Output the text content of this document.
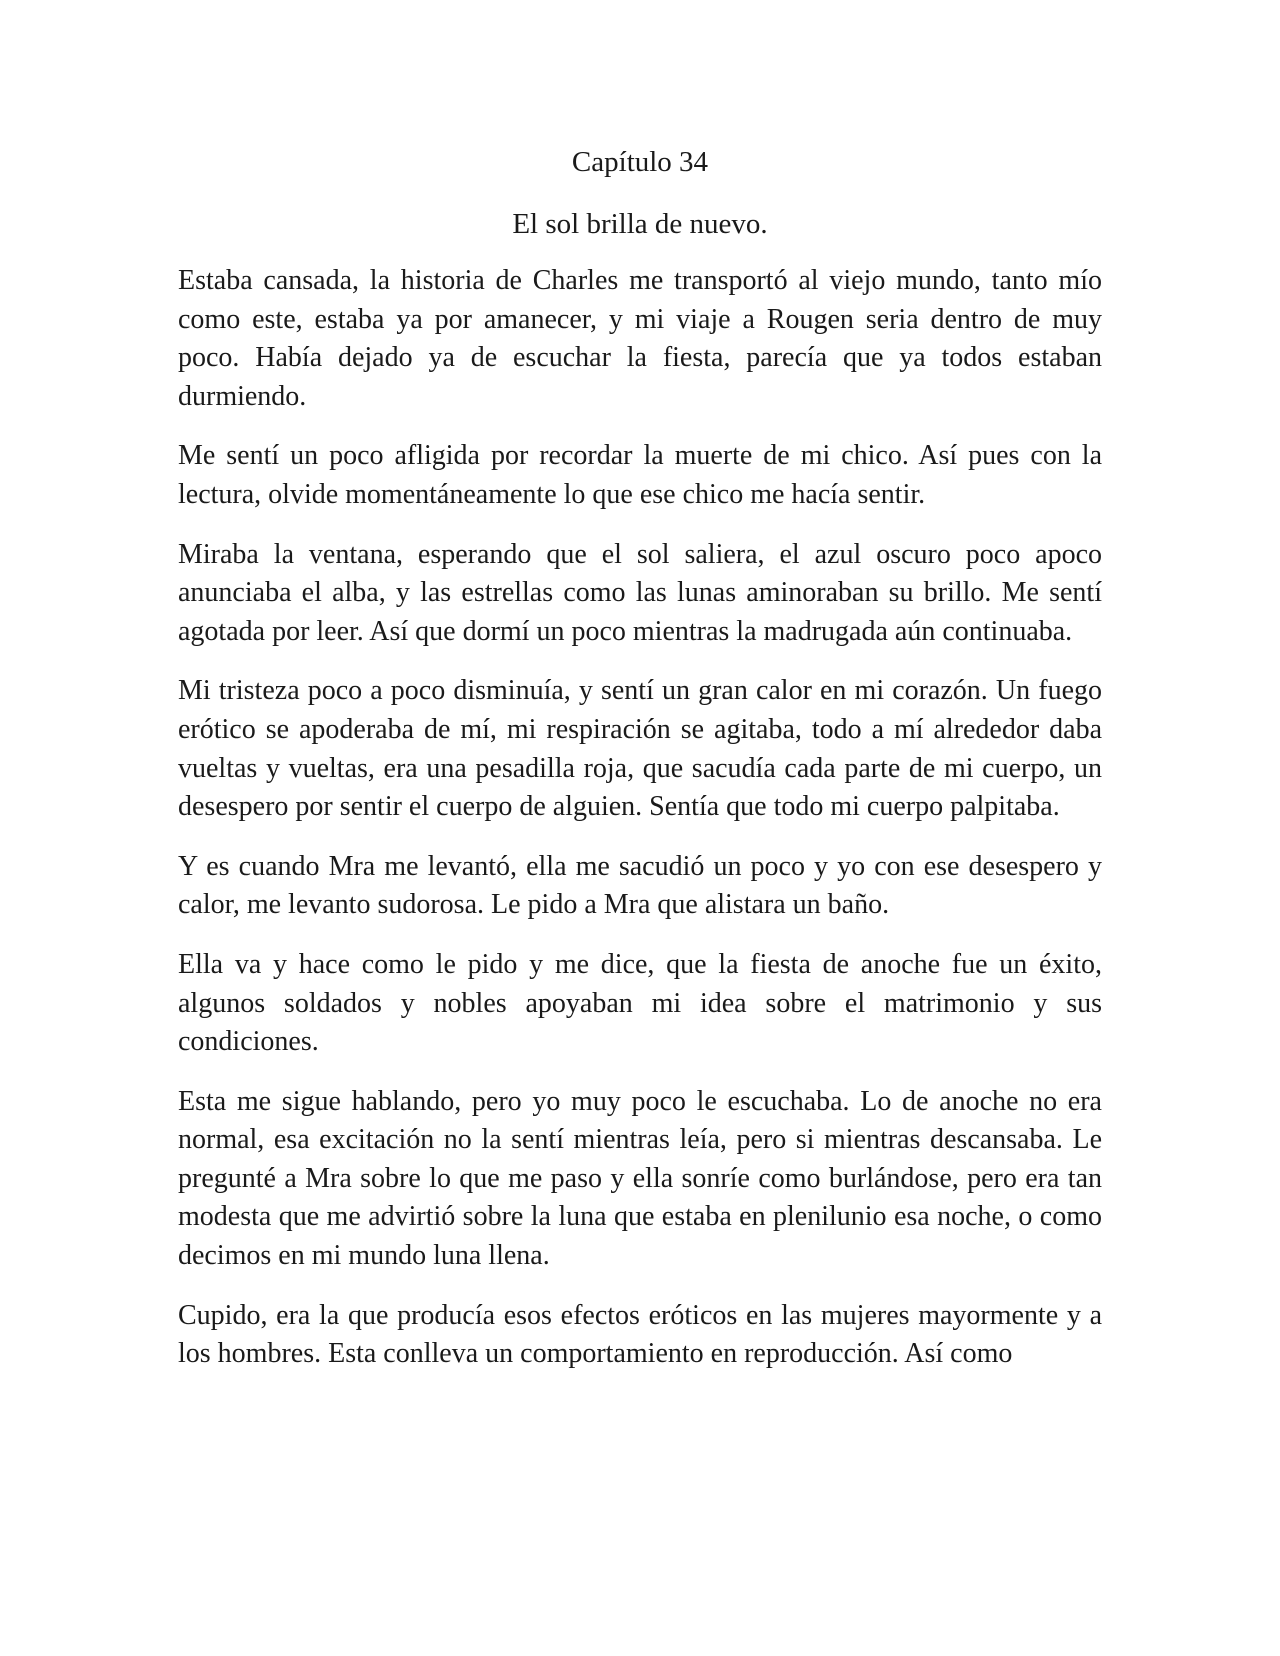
Capítulo 34
El sol brilla de nuevo.

Estaba cansada, la historia de Charles me transportó al viejo mundo, tanto mío como este, estaba ya por amanecer, y mi viaje a Rougen seria dentro de muy poco. Había dejado ya de escuchar la fiesta, parecía que ya todos estaban durmiendo.

Me sentí un poco afligida por recordar la muerte de mi chico. Así pues con la lectura, olvide momentáneamente lo que ese chico me hacía sentir.

Miraba la ventana, esperando que el sol saliera, el azul oscuro poco apoco anunciaba el alba, y las estrellas como las lunas aminoraban su brillo. Me sentí agotada por leer. Así que dormí un poco mientras la madrugada aún continuaba.

Mi tristeza poco a poco disminuía, y sentí un gran calor en mi corazón. Un fuego erótico se apoderaba de mí, mi respiración se agitaba, todo a mí alrededor daba vueltas y vueltas, era una pesadilla roja, que sacudía cada parte de mi cuerpo, un desespero por sentir el cuerpo de alguien. Sentía que todo mi cuerpo palpitaba.

Y es cuando Mra me levantó, ella me sacudió un poco y yo con ese desespero y calor, me levanto sudorosa. Le pido a Mra que alistara un baño.

Ella va y hace como le pido y me dice, que la fiesta de anoche fue un éxito, algunos soldados y nobles apoyaban mi idea sobre el matrimonio y sus condiciones.

Esta me sigue hablando, pero yo muy poco le escuchaba. Lo de anoche no era normal, esa excitación no la sentí mientras leía, pero si mientras descansaba. Le pregunté a Mra sobre lo que me paso y ella sonríe como burlándose, pero era tan modesta que me advirtió sobre la luna que estaba en plenilunio esa noche, o como decimos en mi mundo luna llena.

Cupido, era la que producía esos efectos eróticos en las mujeres mayormente y a los hombres. Esta conlleva un comportamiento en reproducción. Así como
